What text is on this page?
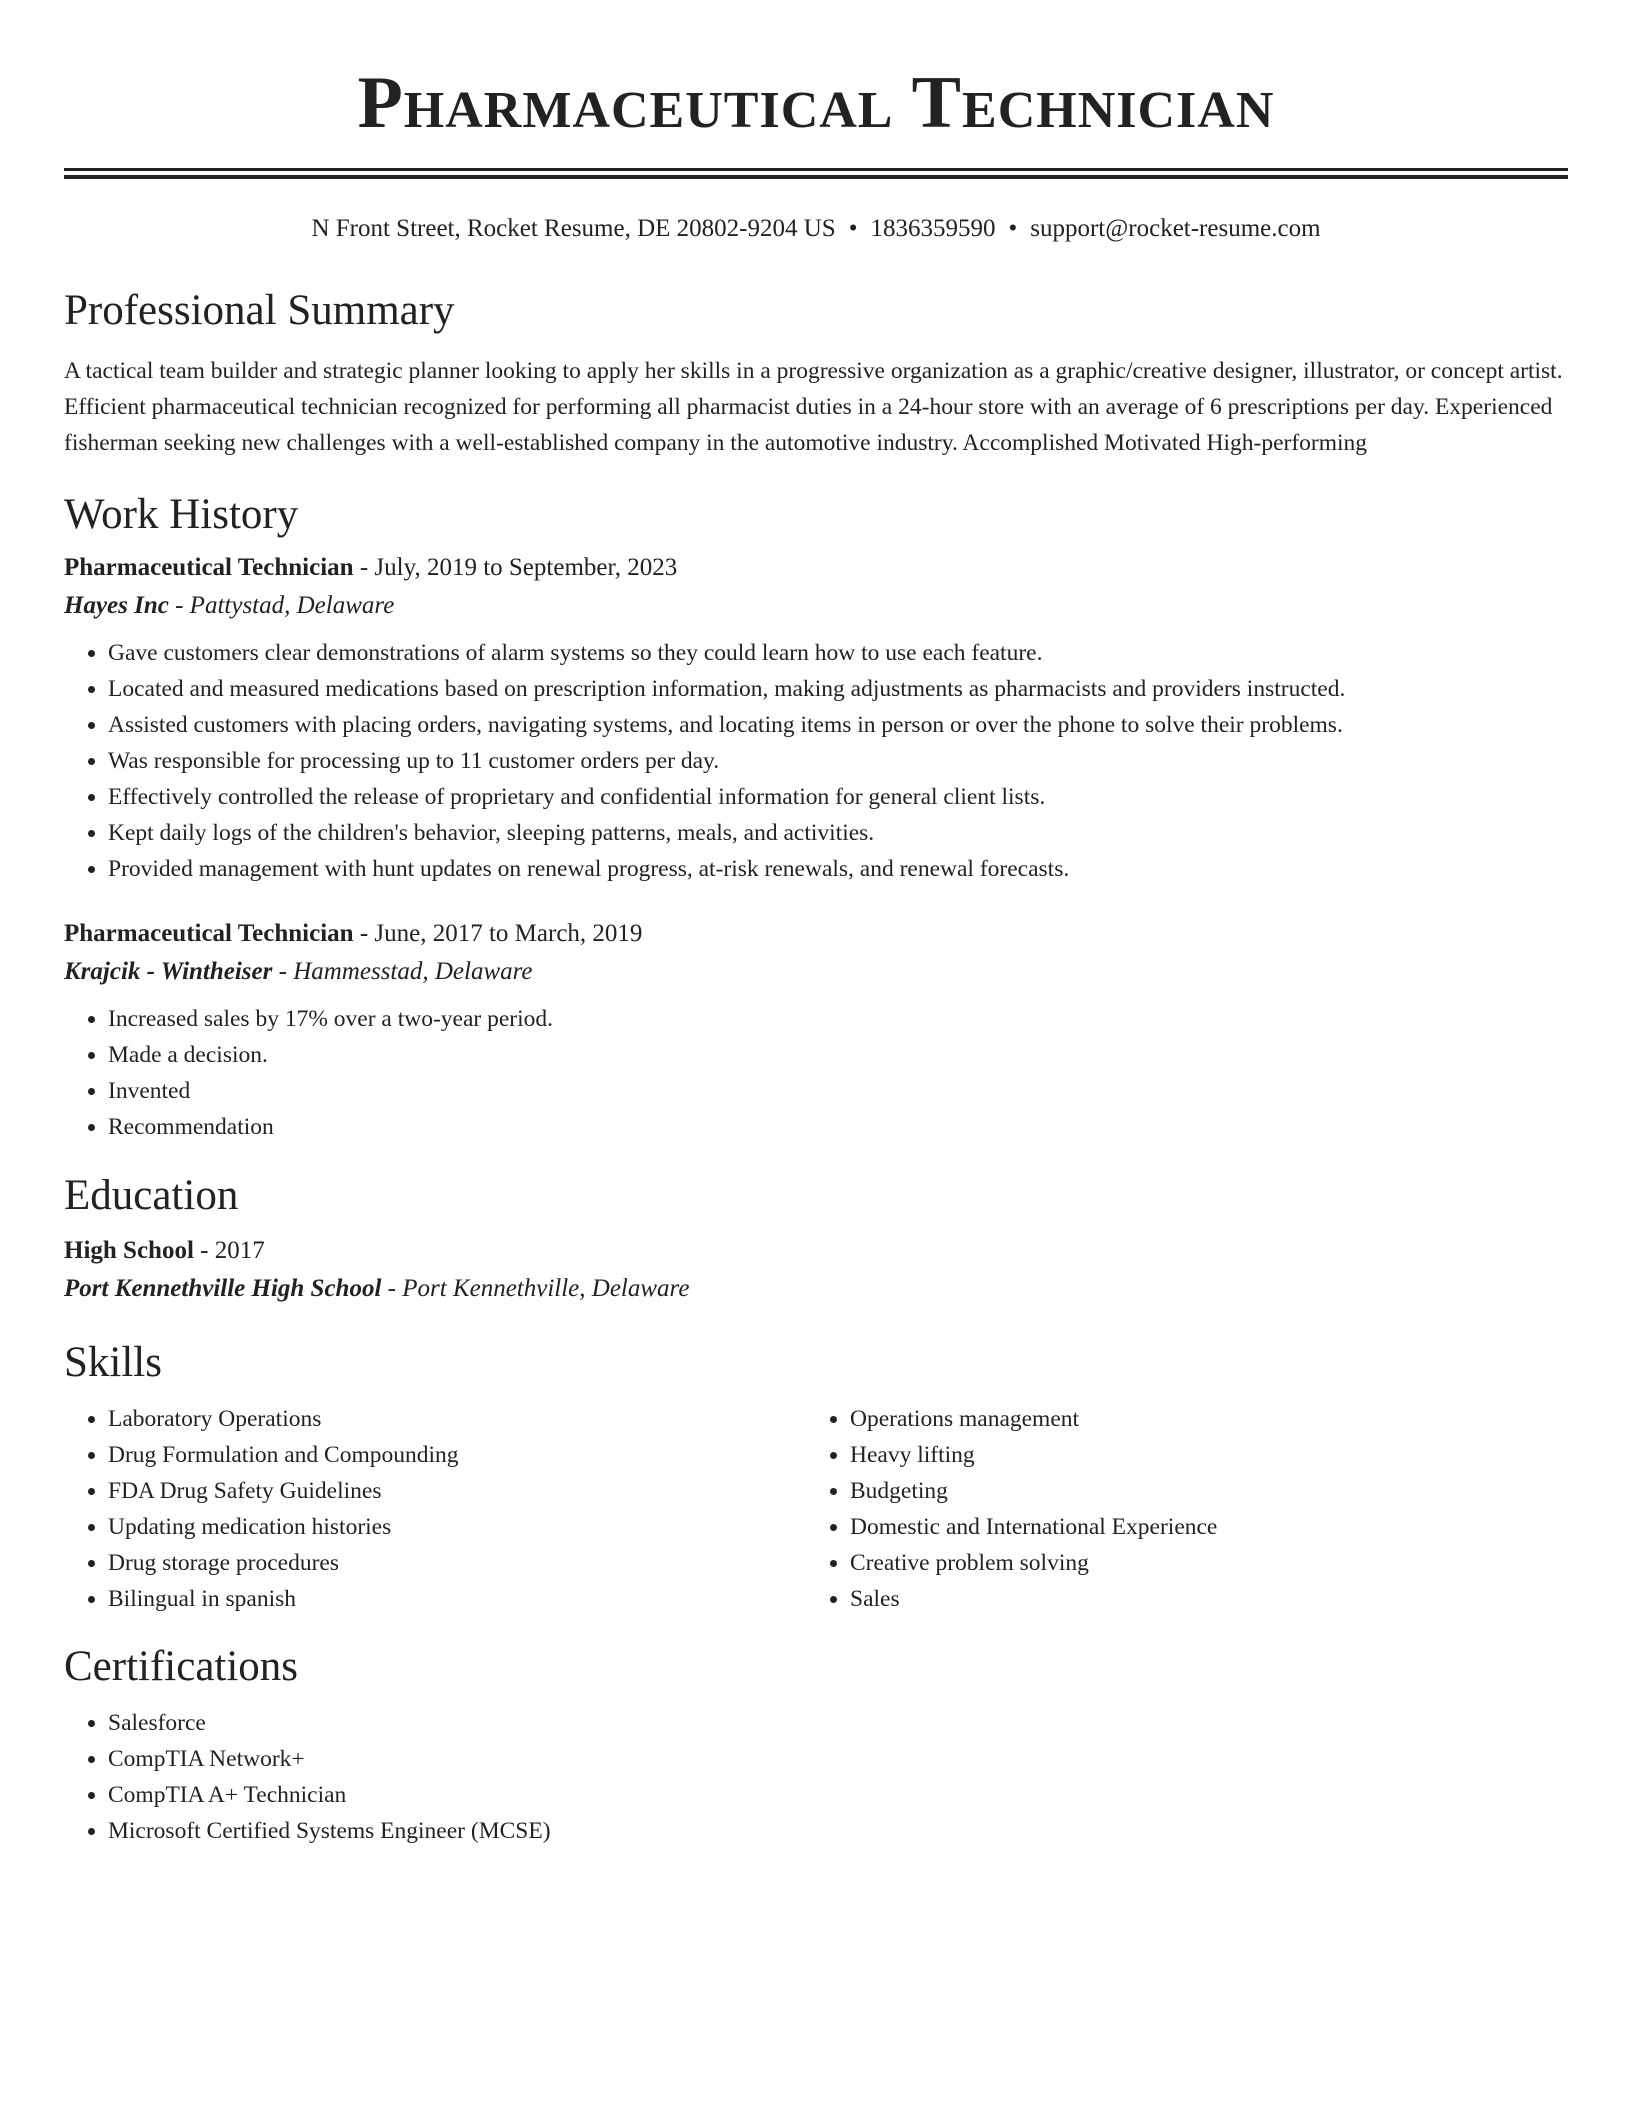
Pharmaceutical Technician
N Front Street, Rocket Resume, DE 20802-9204 US • 1836359590 • support@rocket-resume.com
Professional Summary

A tactical team builder and strategic planner looking to apply her skills in a progressive organization as a graphic/creative designer, illustrator, or concept artist. Efficient pharmaceutical technician recognized for performing all pharmacist duties in a 24-hour store with an average of 6 prescriptions per day. Experienced fisherman seeking new challenges with a well-established company in the automotive industry. Accomplished Motivated High-performing

Work History
Pharmaceutical Technician - July, 2019 to September, 2023
Hayes Inc - Pattystad, Delaware
• Gave customers clear demonstrations of alarm systems so they could learn how to use each feature.
• Located and measured medications based on prescription information, making adjustments as pharmacists and providers instructed.
• Assisted customers with placing orders, navigating systems, and locating items in person or over the phone to solve their problems.
• Was responsible for processing up to 11 customer orders per day.
• Effectively controlled the release of proprietary and confidential information for general client lists.
• Kept daily logs of the children's behavior, sleeping patterns, meals, and activities.
• Provided management with hunt updates on renewal progress, at-risk renewals, and renewal forecasts.
Pharmaceutical Technician - June, 2017 to March, 2019
Krajcik - Wintheiser - Hammesstad, Delaware
• Increased sales by 17% over a two-year period.
• Made a decision.
• Invented
• Recommendation
Education
High School - 2017
Port Kennethville High School - Port Kennethville, Delaware
Skills
• Laboratory Operations
• Drug Formulation and Compounding
• FDA Drug Safety Guidelines
• Updating medication histories
• Drug storage procedures
• Bilingual in spanish
• Operations management
• Heavy lifting
• Budgeting
• Domestic and International Experience
• Creative problem solving
• Sales
Certifications
• Salesforce
• CompTIA Network+
• CompTIA A+ Technician
• Microsoft Certified Systems Engineer (MCSE)
